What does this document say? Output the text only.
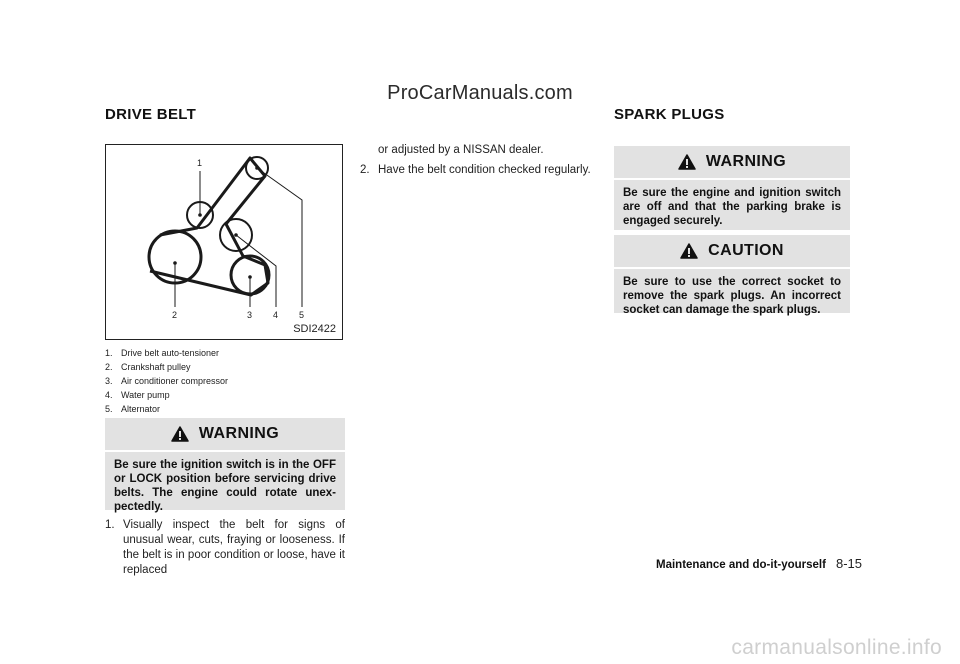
ProCarManuals.com
DRIVE BELT	SPARK PLUGS
1
2	3 4 5
SDI2422
1. Drive belt auto-tensioner
2. Crankshaft pulley
3. Air conditioner compressor
4. Water pump
5. Alternator
WARNING
Be sure the ignition switch is in the OFF or LOCK position before servicing drive belts. The engine could rotate unex-pectedly.
1. Visually inspect the belt for signs of unusual wear, cuts, fraying or looseness. If the belt is in poor condition or loose, have it replaced
or adjusted by a NISSAN dealer.
2. Have the belt condition checked regularly.	WARNING
Be sure the engine and ignition switch are off and that the parking brake is engaged securely.
CAUTION
Be sure to use the correct socket to remove the spark plugs. An incorrect socket can damage the spark plugs.
Maintenance and do-it-yourself 8-15
carmanualsonline.info
